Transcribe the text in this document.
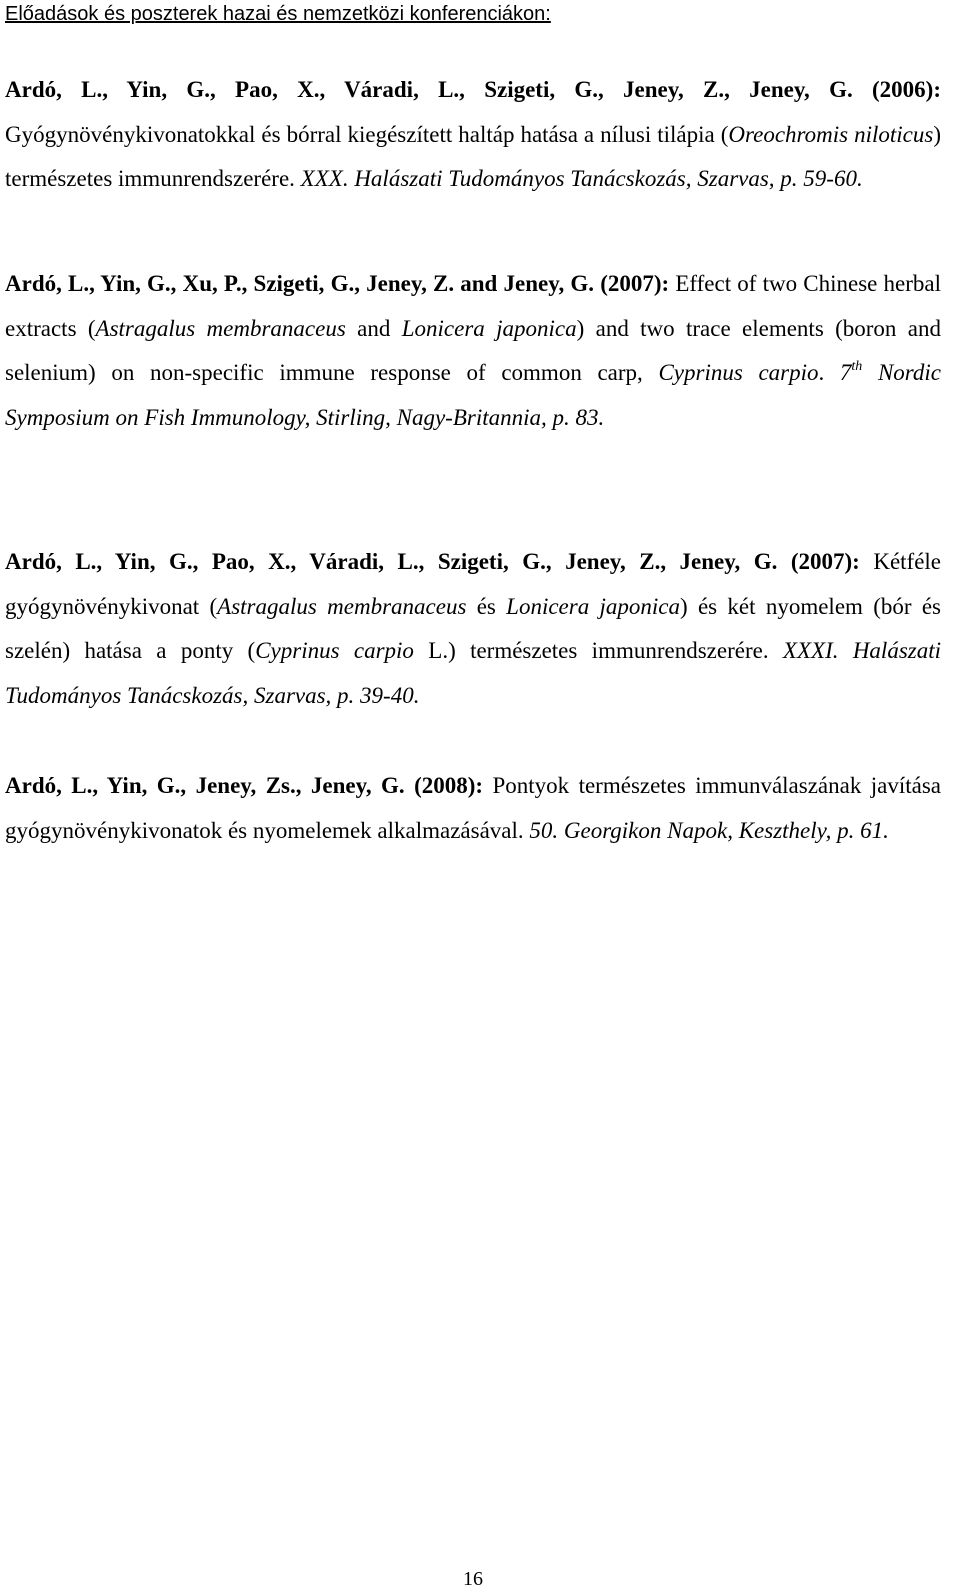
Előadások és poszterek hazai és nemzetközi konferenciákon:

Ardó, L., Yin, G., Pao, X., Váradi, L., Szigeti, G., Jeney, Z., Jeney, G. (2006): Gyógynövénykivonatokkal és bórral kiegészített haltáp hatása a nílusi tilápia (Oreochromis niloticus) természetes immunrendszerére. XXX. Halászati Tudományos Tanácskozás, Szarvas, p. 59-60.

Ardó, L., Yin, G., Xu, P., Szigeti, G., Jeney, Z. and Jeney, G. (2007): Effect of two Chinese herbal extracts (Astragalus membranaceus and Lonicera japonica) and two trace elements (boron and selenium) on non-specific immune response of common carp, Cyprinus carpio. 7th Nordic Symposium on Fish Immunology, Stirling, Nagy-Britannia, p. 83.

Ardó, L., Yin, G., Pao, X., Váradi, L., Szigeti, G., Jeney, Z., Jeney, G. (2007): Kétféle gyógynövénykivonat (Astragalus membranaceus és Lonicera japonica) és két nyomelem (bór és szelén) hatása a ponty (Cyprinus carpio L.) természetes immunrendszerére. XXXI. Halászati Tudományos Tanácskozás, Szarvas, p. 39-40.

Ardó, L., Yin, G., Jeney, Zs., Jeney, G. (2008): Pontyok természetes immunválaszának javítása gyógynövénykivonatok és nyomelemek alkalmazásával. 50. Georgikon Napok, Keszthely, p. 61.

16
